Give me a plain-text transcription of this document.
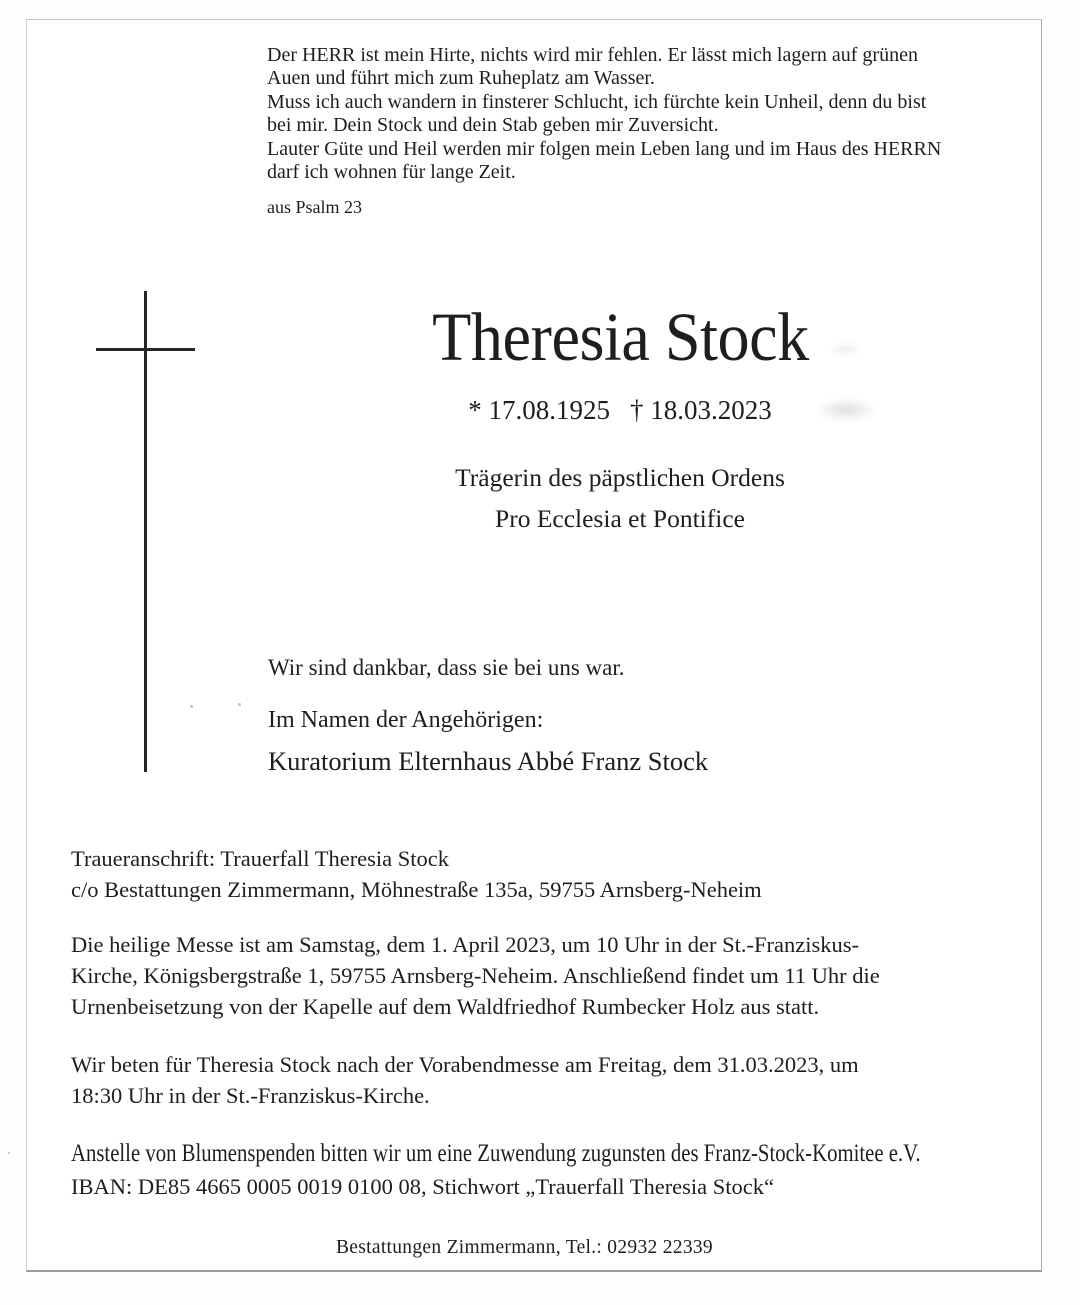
Der HERR ist mein Hirte, nichts wird mir fehlen. Er lässt mich lagern auf grünen
Auen und führt mich zum Ruheplatz am Wasser.
Muss ich auch wandern in finsterer Schlucht, ich fürchte kein Unheil, denn du bist
bei mir. Dein Stock und dein Stab geben mir Zuversicht.
Lauter Güte und Heil werden mir folgen mein Leben lang und im Haus des HERRN
darf ich wohnen für lange Zeit.
aus Psalm 23
Theresia Stock
* 17.08.1925 † 18.03.2023
Trägerin des päpstlichen Ordens
Pro Ecclesia et Pontifice
Wir sind dankbar, dass sie bei uns war.
Im Namen der Angehörigen:
Kuratorium Elternhaus Abbé Franz Stock
Traueranschrift: Trauerfall Theresia Stock
c/o Bestattungen Zimmermann, Möhnestraße 135a, 59755 Arnsberg-Neheim
Die heilige Messe ist am Samstag, dem 1. April 2023, um 10 Uhr in der St.-Franziskus-
Kirche, Königsbergstraße 1, 59755 Arnsberg-Neheim. Anschließend findet um 11 Uhr die
Urnenbeisetzung von der Kapelle auf dem Waldfriedhof Rumbecker Holz aus statt.
Wir beten für Theresia Stock nach der Vorabendmesse am Freitag, dem 31.03.2023, um
18:30 Uhr in der St.-Franziskus-Kirche.
Anstelle von Blumenspenden bitten wir um eine Zuwendung zugunsten des Franz-Stock-Komitee e.V.
IBAN: DE85 4665 0005 0019 0100 08, Stichwort „Trauerfall Theresia Stock“
Bestattungen Zimmermann, Tel.: 02932 22339
